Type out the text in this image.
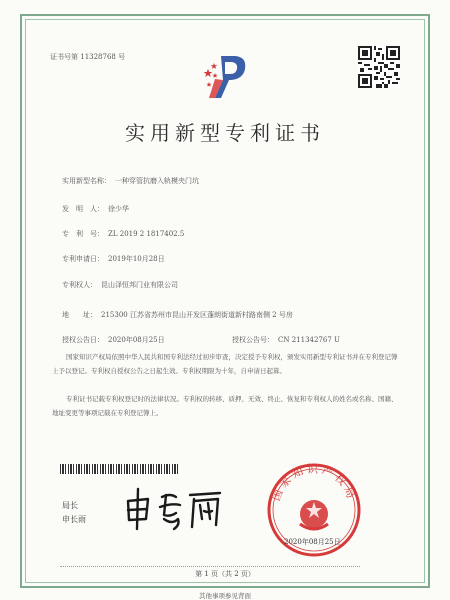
证书号第 11328768 号
实用新型专利证书
实用新型名称： 一种穿管抗磨入轨模夹门坑
发　明　人： 徐少华
专　利　号： ZL 2019 2 1817402.5
专利申请日： 2019年10月28日
专利权人： 昆山泽恒邦门业有限公司
地　　址： 215300 江苏省苏州市昆山开发区蓬朗街道新村路南侧 2 号房
授权公告日： 2020年08月25日	授权公告号： CN 211342767 U
国家知识产权局依照中华人民共和国专利法经过初步审查，决定授予专利权，颁发实用新型专利证书并在专利登记簿上予以登记。专利权自授权公告之日起生效。专利权期限为十年，自申请日起算。
专利证书记载专利权登记时的法律状况。专利权的转移、质押、无效、终止、恢复和专利权人的姓名或名称、国籍、地址变更等事项记载在专利登记簿上。
局长
申长雨
国家知识产权局
2020年08月25日
第 1 页（共 2 页）
其他事项参见背面
